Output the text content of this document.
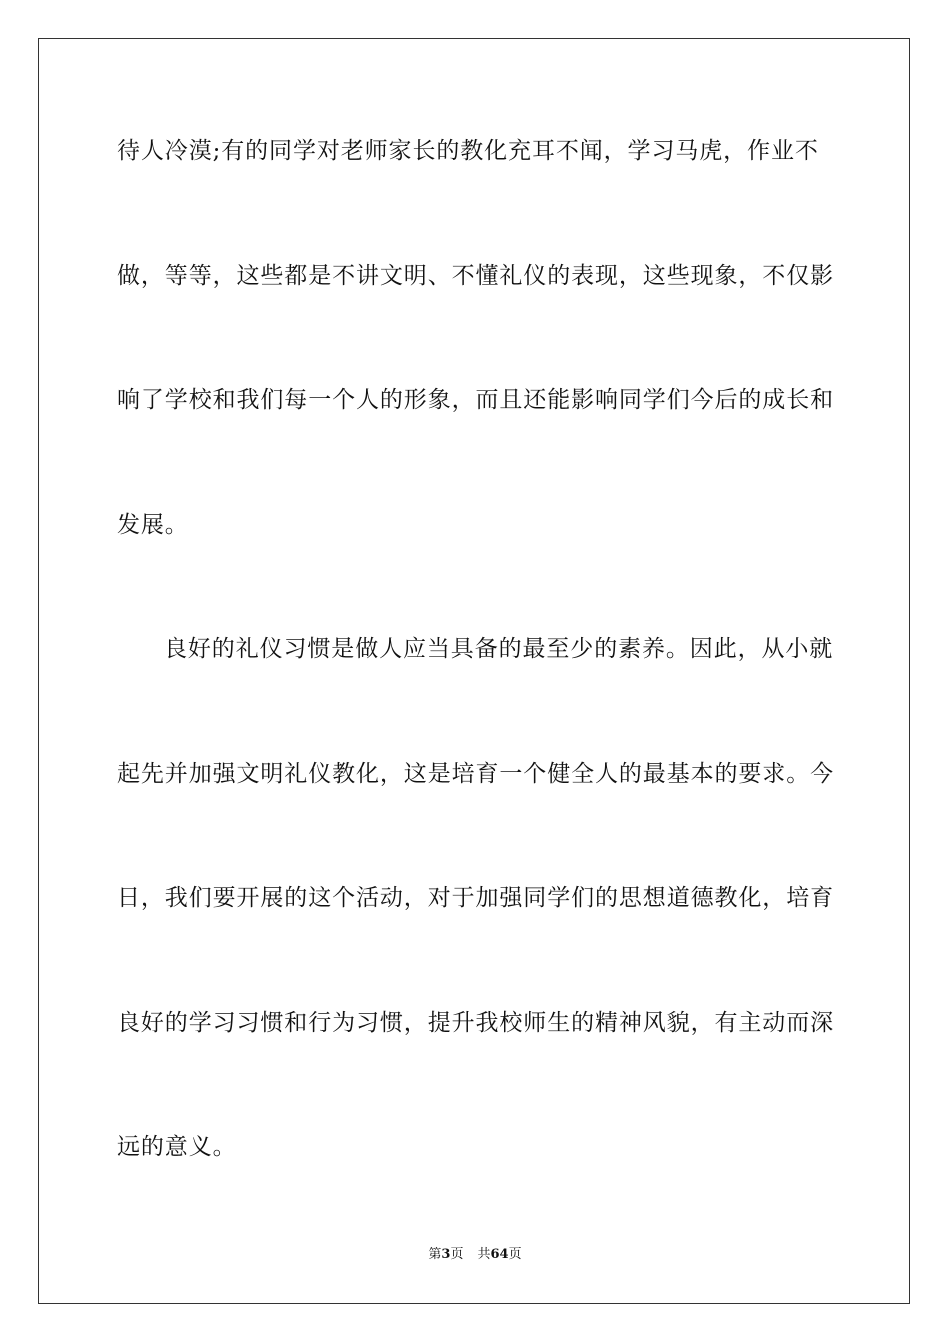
待人冷漠;有的同学对老师家长的教化充耳不闻，学习马虎，作业不
做，等等，这些都是不讲文明、不懂礼仪的表现，这些现象，不仅影
响了学校和我们每一个人的形象，而且还能影响同学们今后的成长和
发展。
良好的礼仪习惯是做人应当具备的最至少的素养。因此，从小就
起先并加强文明礼仪教化，这是培育一个健全人的最基本的要求。今
日，我们要开展的这个活动，对于加强同学们的思想道德教化，培育
良好的学习习惯和行为习惯，提升我校师生的精神风貌，有主动而深
远的意义。
第3页 共64页
